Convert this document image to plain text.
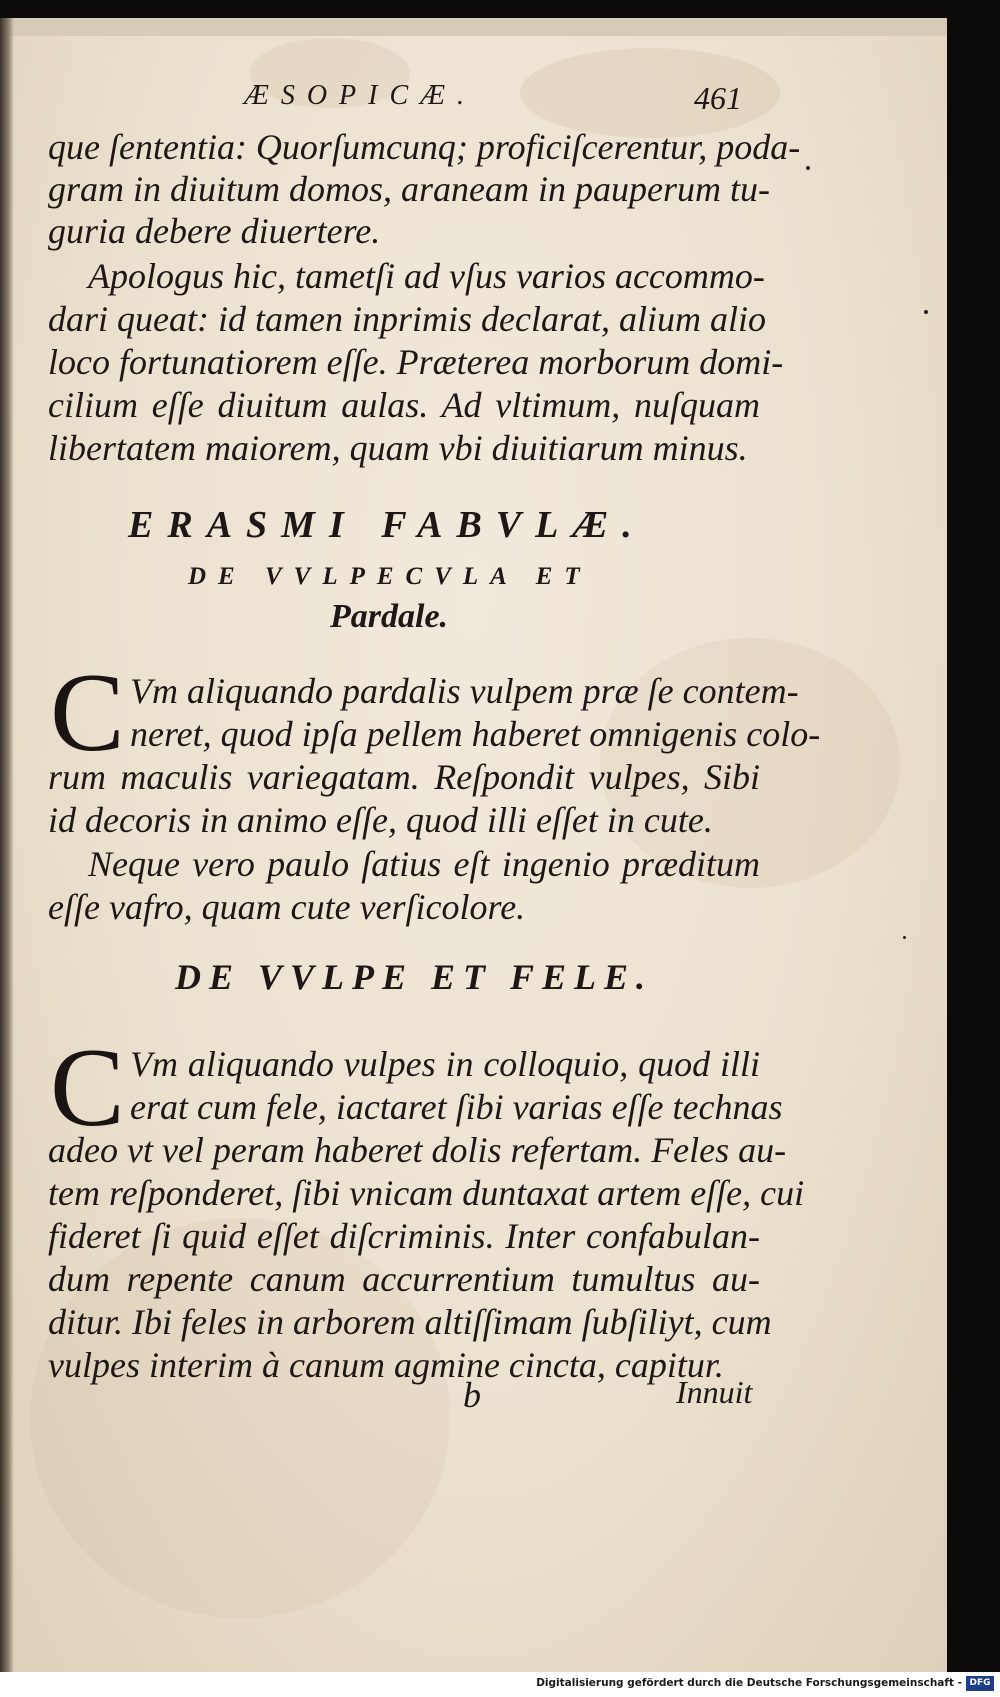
ÆSOPICÆ.	461

que ſententia: Quorſumcunq; proficiſcerentur, poda-

gram in diuitum domos, araneam in pauperum tu-

guria debere diuertere.

Apologus hic, tametſi ad vſus varios accommo-

dari queat: id tamen inprimis declarat, alium alio

loco fortunatiorem eſſe. Præterea morborum domi-

cilium eſſe diuitum aulas. Ad vltimum, nuſquam

libertatem maiorem, quam vbi diuitiarum minus.

ERASMI FABVLÆ.
DE VVLPECVLA ET
Pardale.
C Vm aliquando pardalis vulpem præ ſe contem-

neret, quod ipſa pellem haberet omnigenis colo-

rum maculis variegatam. Reſpondit vulpes, Sibi

id decoris in animo eſſe, quod illi eſſet in cute.

Neque vero paulo ſatius eſt ingenio præditum

eſſe vafro, quam cute verſicolore.

DE VVLPE ET FELE.
C Vm aliquando vulpes in colloquio, quod illi

erat cum fele, iactaret ſibi varias eſſe technas

adeo vt vel peram haberet dolis refertam. Feles au-

tem reſponderet, ſibi vnicam duntaxat artem eſſe, cui

fideret ſi quid eſſet diſcriminis. Inter confabulan-

dum repente canum accurrentium tumultus au-

ditur. Ibi feles in arborem altiſſimam ſubſiliyt, cum

vulpes interim à canum agmine cincta, capitur.

b	Innuit

Digitalisierung gefördert durch die Deutsche Forschungsgemeinschaft - DFG
